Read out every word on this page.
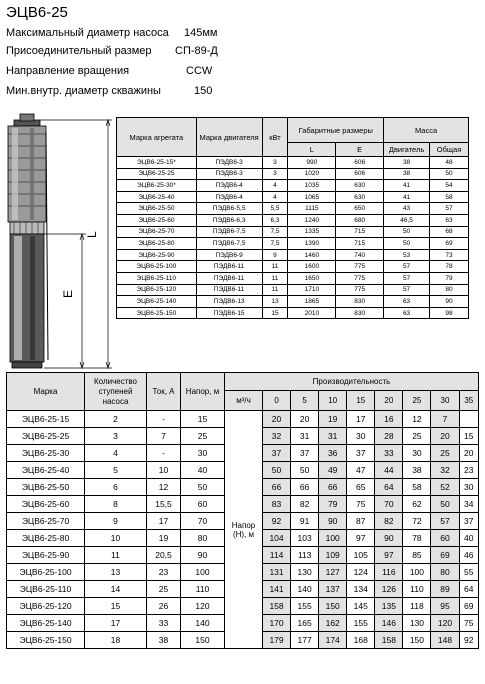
ЭЦВ6-25
Максимальный диаметр насоса 145мм
Присоединительный размер СП-89-Д
Направление вращения	CCW
Мин.внутр. диаметр скважины	150
L
E
Марка агрегата	Марка двигателя	кВт	Габаритные размеры		Масса	
			L	E	Двигатель	Общая
ЭЦВ6-25-15*	ПЭДВ6-3	3	990	606	38	48
ЭЦВ6-25-25	ПЭДВ6-3	3	1020	606	38	50
ЭЦВ6-25-30*	ПЭДВ6-4	4	1035	630	41	54
ЭЦВ6-25-40	ПЭДВ6-4	4	1065	630	41	58
ЭЦВ6-25-50	ПЭДВ6-5,5	5,5	1115	650	43	57
ЭЦВ6-25-60	ПЭДВ6-6,3	6,3	1240	680	46,5	63
ЭЦВ6-25-70	ПЭДВ6-7,5	7,5	1335	715	50	68
ЭЦВ6-25-80	ПЭДВ6-7,5	7,5	1390	715	50	69
ЭЦВ6-25-90	ПЭДВ6-9	9	1460	740	53	73
ЭЦВ6-25-100	ПЭДВ6-11	11	1600	775	57	78
ЭЦВ6-25-110	ПЭДВ6-11	11	1650	775	57	79
ЭЦВ6-25-120	ПЭДВ6-11	11	1710	775	57	80
ЭЦВ6-25-140	ПЭДВ6-13	13	1865	830	63	90
ЭЦВ6-25-150	ПЭДВ6-15	15	2010	830	63	98
Марка	Количество ступеней насоса	Ток, А	Напор, м	Производительность								
				м³/ч	0	5	10	15	20	25	30	35
ЭЦВ6-25-15	2	-	15	Напор (Н), м	20	20	19	17	16	12	7	
ЭЦВ6-25-25	3	7	25		32	31	31	30	28	25	20	15
ЭЦВ6-25-30	4	-	30		37	37	36	37	33	30	25	20
ЭЦВ6-25-40	5	10	40		50	50	49	47	44	38	32	23
ЭЦВ6-25-50	6	12	50		66	66	66	65	64	58	52	30
ЭЦВ6-25-60	8	15,5	60		83	82	79	75	70	62	50	34
ЭЦВ6-25-70	9	17	70		92	91	90	87	82	72	57	37
ЭЦВ6-25-80	10	19	80		104	103	100	97	90	78	60	40
ЭЦВ6-25-90	11	20,5	90		114	113	109	105	97	85	69	46
ЭЦВ6-25-100	13	23	100		131	130	127	124	116	100	80	55
ЭЦВ6-25-110	14	25	110		141	140	137	134	126	110	89	64
ЭЦВ6-25-120	15	26	120		158	155	150	145	135	118	95	69
ЭЦВ6-25-140	17	33	140		170	165	162	155	146	130	120	75
ЭЦВ6-25-150	18	38	150		179	177	174	168	158	150	148	92
